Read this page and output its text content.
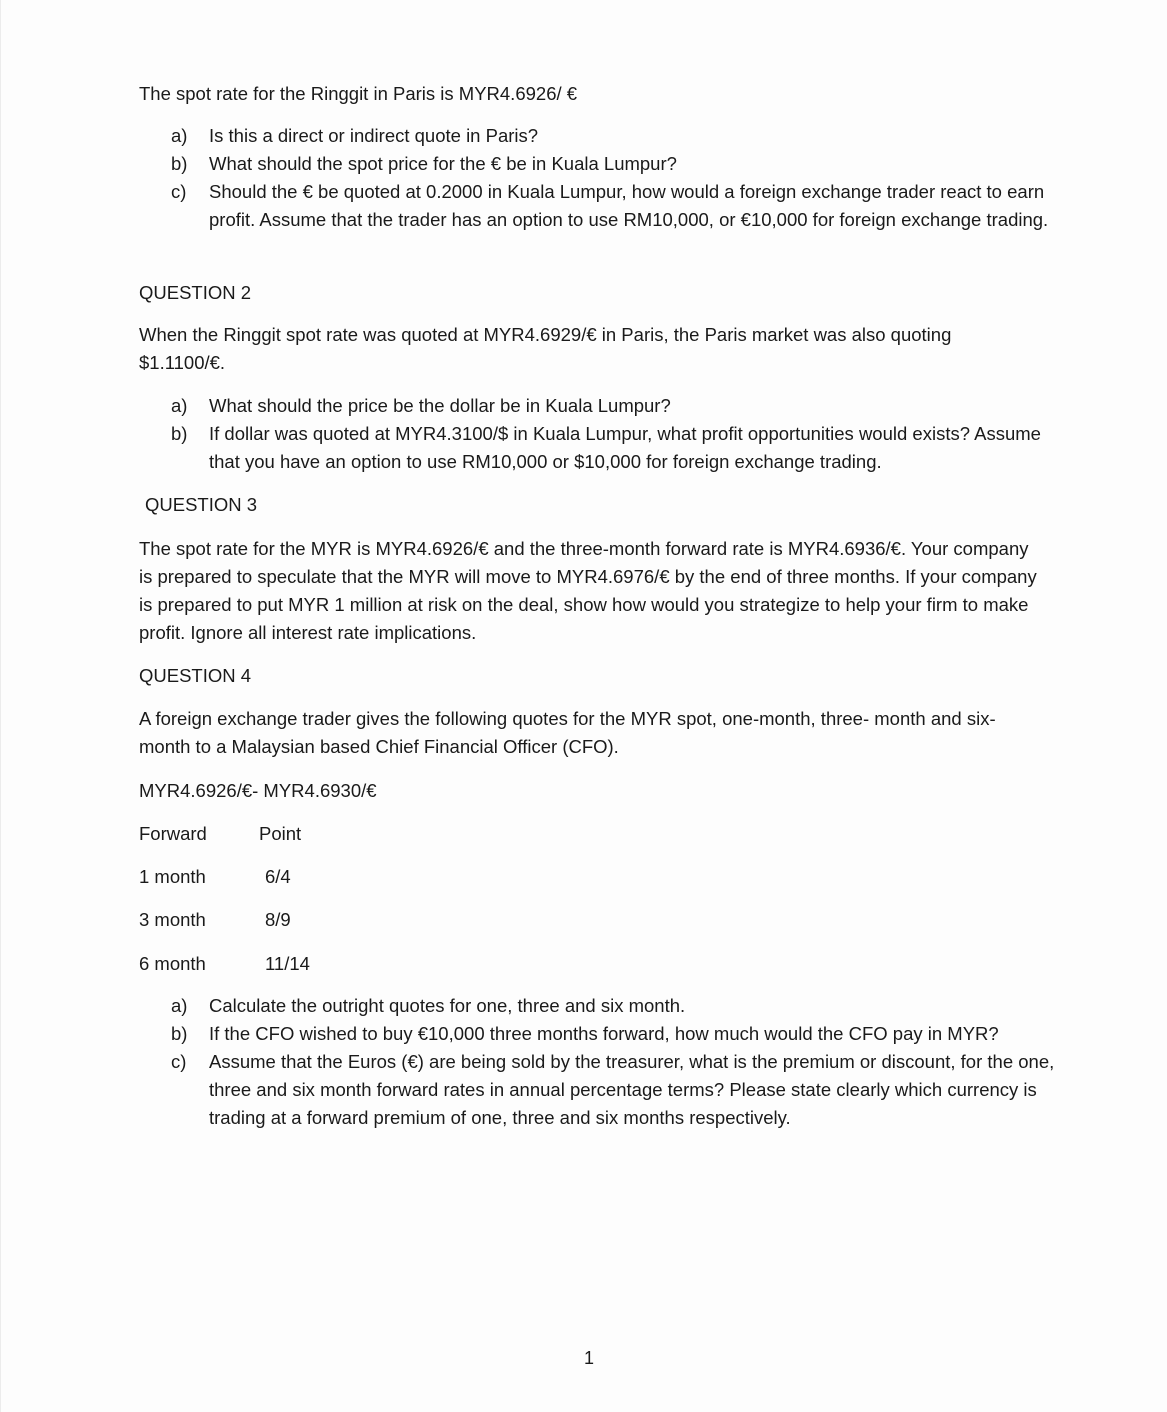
The spot rate for the Ringgit in Paris is MYR4.6926/ €
a) Is this a direct or indirect quote in Paris?
b) What should the spot price for the € be in Kuala Lumpur?
c) Should the € be quoted at 0.2000 in Kuala Lumpur, how would a foreign exchange trader react to earn profit. Assume that the trader has an option to use RM10,000, or €10,000 for foreign exchange trading.
QUESTION 2
When the Ringgit spot rate was quoted at MYR4.6929/€ in Paris, the Paris market was also quoting $1.1100/€.
a) What should the price be the dollar be in Kuala Lumpur?
b) If dollar was quoted at MYR4.3100/$ in Kuala Lumpur, what profit opportunities would exists? Assume that you have an option to use RM10,000 or $10,000 for foreign exchange trading.
QUESTION 3
The spot rate for the MYR is MYR4.6926/€ and the three-month forward rate is MYR4.6936/€. Your company is prepared to speculate that the MYR will move to MYR4.6976/€ by the end of three months. If your company is prepared to put MYR 1 million at risk on the deal, show how would you strategize to help your firm to make profit. Ignore all interest rate implications.
QUESTION 4
A foreign exchange trader gives the following quotes for the MYR spot, one-month, three- month and six-month to a Malaysian based Chief Financial Officer (CFO).
MYR4.6926/€- MYR4.6930/€
Forward	Point
1 month	6/4
3 month	8/9
6 month	11/14
a) Calculate the outright quotes for one, three and six month.
b) If the CFO wished to buy €10,000 three months forward, how much would the CFO pay in MYR?
c) Assume that the Euros (€) are being sold by the treasurer, what is the premium or discount, for the one, three and six month forward rates in annual percentage terms? Please state clearly which currency is trading at a forward premium of one, three and six months respectively.
1
